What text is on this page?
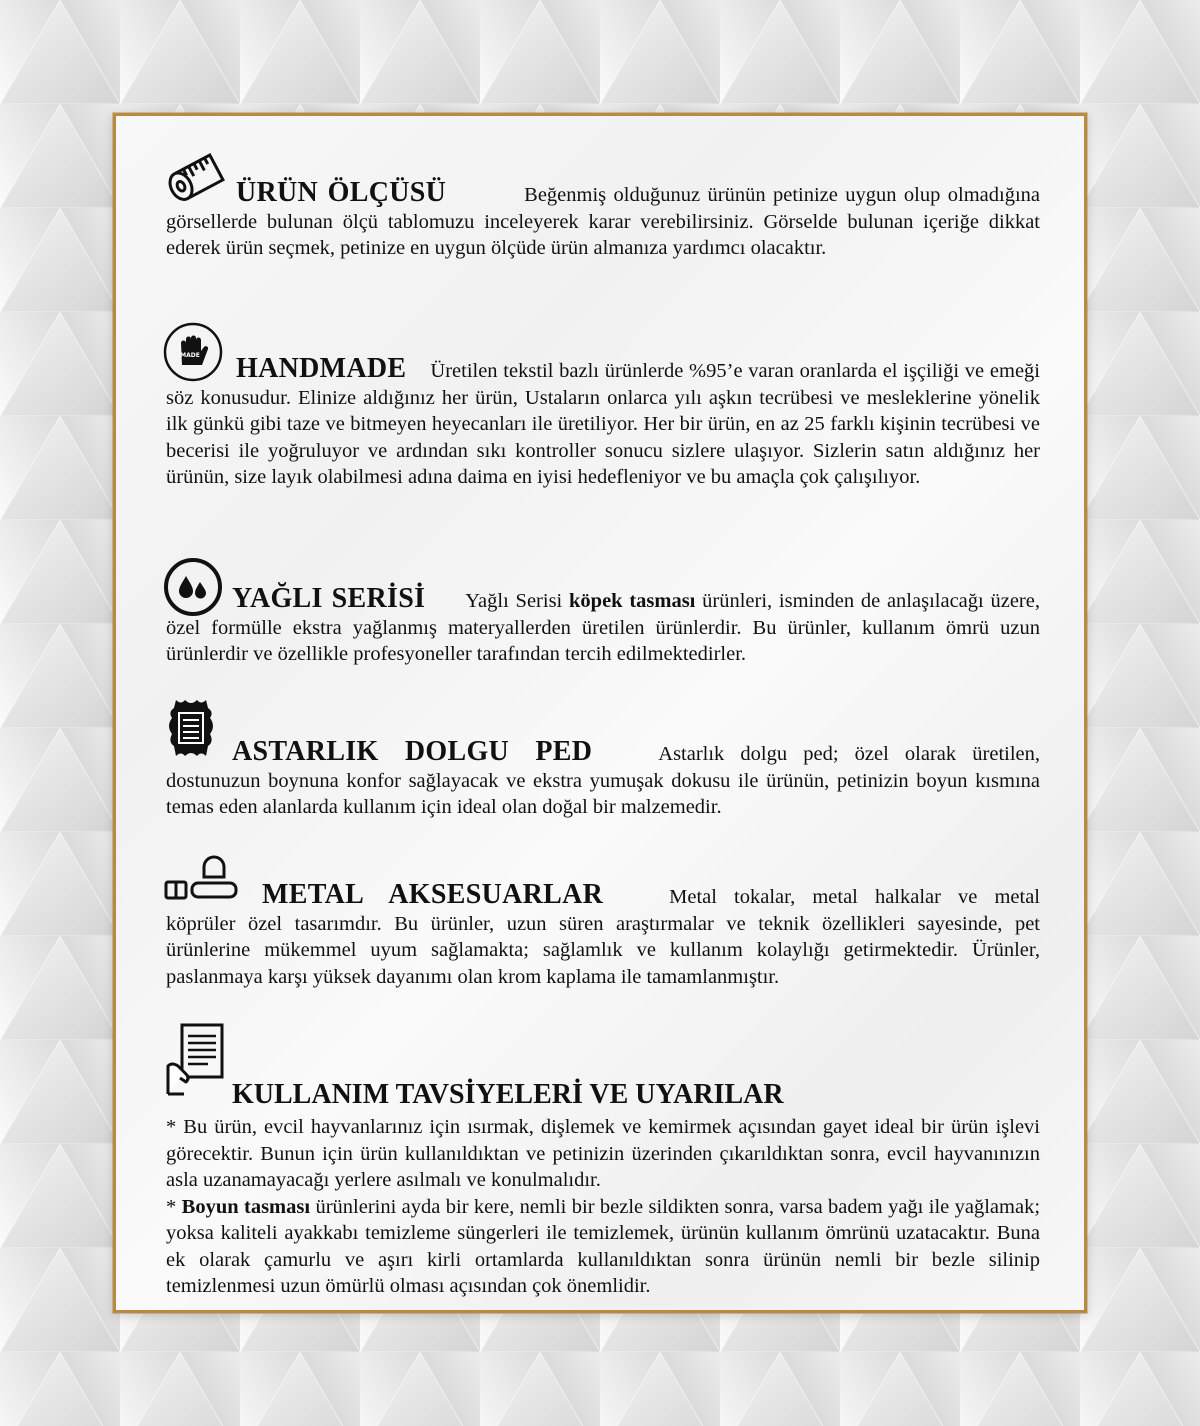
ÜRÜN ÖLÇÜSÜ	Beğenmiş olduğunuz ürünün petinize uygun olup olmadığına görsellerde bulunan ölçü tablomuzu inceleyerek karar verebilirsiniz. Görselde bulunan içeriğe dikkat ederek ürün seçmek, petinize en uygun ölçüde ürün almanıza yardımcı olacaktır.

MADE	HANDMADE Üretilen tekstil bazlı ürünlerde %95’e varan oranlarda el işçiliği ve emeği söz konusudur. Elinize aldığınız her ürün, Ustaların onlarca yılı aşkın tecrübesi ve mesleklerine yönelik ilk günkü gibi taze ve bitmeyen heyecanları ile üretiliyor. Her bir ürün, en az 25 farklı kişinin tecrübesi ve becerisi ile yoğruluyor ve ardından sıkı kontroller sonucu sizlere ulaşıyor. Sizlerin satın aldığınız her ürünün, size layık olabilmesi adına daima en iyisi hedefleniyor ve bu amaçla çok çalışılıyor.

YAĞLI SERİSİ Yağlı Serisi köpek tasması ürünleri, isminden de anlaşılacağı üzere, özel formülle ekstra yağlanmış materyallerden üretilen ürünlerdir. Bu ürünler, kullanım ömrü uzun ürünlerdir ve özellikle profesyoneller tarafından tercih edilmektedirler.

ASTARLIK DOLGU PED	Astarlık dolgu ped; özel olarak üretilen, dostunuzun boynuna konfor sağlayacak ve ekstra yumuşak dokusu ile ürünün, petinizin boyun kısmına temas eden alanlarda kullanım için ideal olan doğal bir malzemedir.

METAL AKSESUARLAR	Metal tokalar, metal halkalar ve metal köprüler özel tasarımdır. Bu ürünler, uzun süren araştırmalar ve teknik özellikleri sayesinde, pet ürünlerine mükemmel uyum sağlamakta; sağlamlık ve kullanım kolaylığı getirmektedir. Ürünler, paslanmaya karşı yüksek dayanımı olan krom kaplama ile tamamlanmıştır.

KULLANIM TAVSİYELERİ VE UYARILAR

* Bu ürün, evcil hayvanlarınız için ısırmak, dişlemek ve kemirmek açısından gayet ideal bir ürün işlevi görecektir. Bunun için ürün kullanıldıktan ve petinizin üzerinden çıkarıldıktan sonra, evcil hayvanınızın asla uzanamayacağı yerlere asılmalı ve konulmalıdır.

* Boyun tasması ürünlerini ayda bir kere, nemli bir bezle sildikten sonra, varsa badem yağı ile yağlamak; yoksa kaliteli ayakkabı temizleme süngerleri ile temizlemek, ürünün kullanım ömrünü uzatacaktır. Buna ek olarak çamurlu ve aşırı kirli ortamlarda kullanıldıktan sonra ürünün nemli bir bezle silinip temizlenmesi uzun ömürlü olması açısından çok önemlidir.
